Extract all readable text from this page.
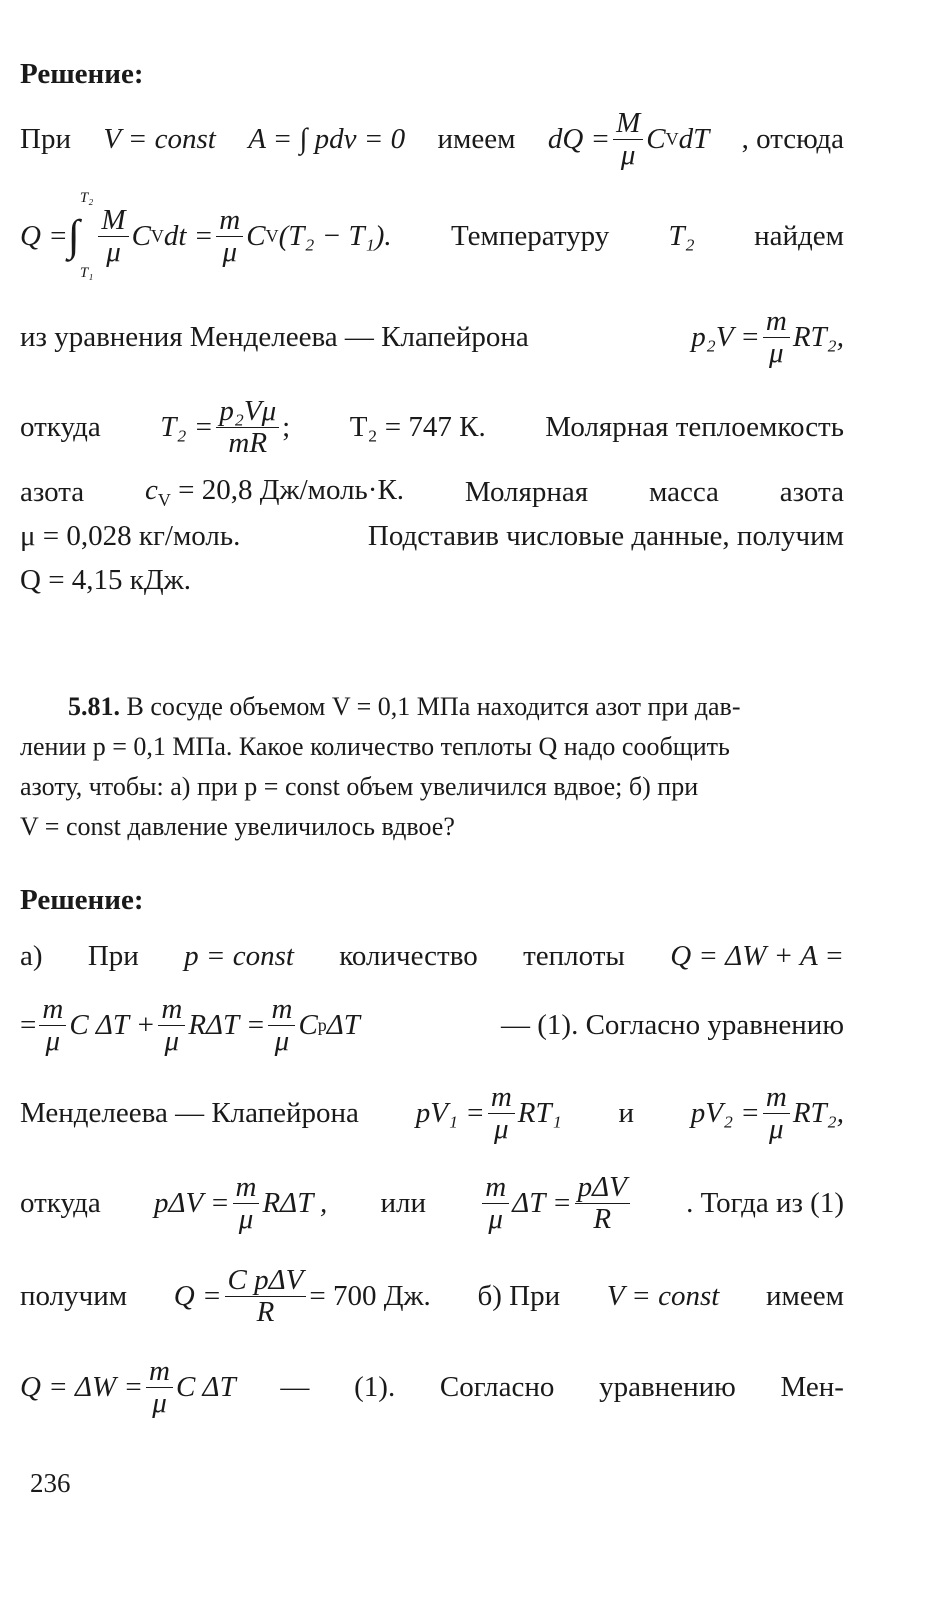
Решение:
При V = const A = ∫ pdv = 0 имеем dQ = $\frac{M}{\mu}$ C V dT , отсюда
Q = ∫
T₂
T₁
M
μ C V dt = $\frac{m}{\mu}$ C V (T₂ − T₁). Температуру T₂ найдем
из уравнения Менделеева — Клапейрона	$p_2V = \frac{m}{\mu} RT_2$,
откуда $T_2 = \frac{\text{p₂Vμ}}{mR}$ ; T₂ = 747 К. Молярная теплоемкость
азота $c_V = 20,8$ Дж/моль·К. Молярная масса азота
μ = 0,028 кг/моль.	Подставив числовые данные, получим
Q = 4,15 кДж.
5.81.
В сосуде объемом V = 0,1 МПа находится азот при дав-
лении p = 0,1 МПа. Какое количество теплоты Q надо сообщить
азоту, чтобы: а) при p = const объем увеличился вдвое; б) при
V = const давление увеличилось вдвое?
Решение:
а) При p = const количество теплоты Q = ΔW + A =
= $\frac{m}{\mu}$ C $\Delta T + \frac{m}{\mu}$ $R\Delta T = \frac{m}{\mu}$ C p ΔT	— (1). Согласно уравнению
Менделеева — Клапейрона $pV_1 = \frac{m}{\mu} RT_1$ и $pV_2 = \frac{m}{\mu} RT_2$,
откуда $p\Delta V = \frac{m}{\mu}$ RΔT , или m
μ ΔT = pΔV
R	. Тогда из (1)
получим Q = C pΔV
R = 700 Дж. б) При V = const имеем
$Q = \Delta W = \frac{m}{\mu}$ C ΔT — (1). Согласно уравнению Мен-
236
